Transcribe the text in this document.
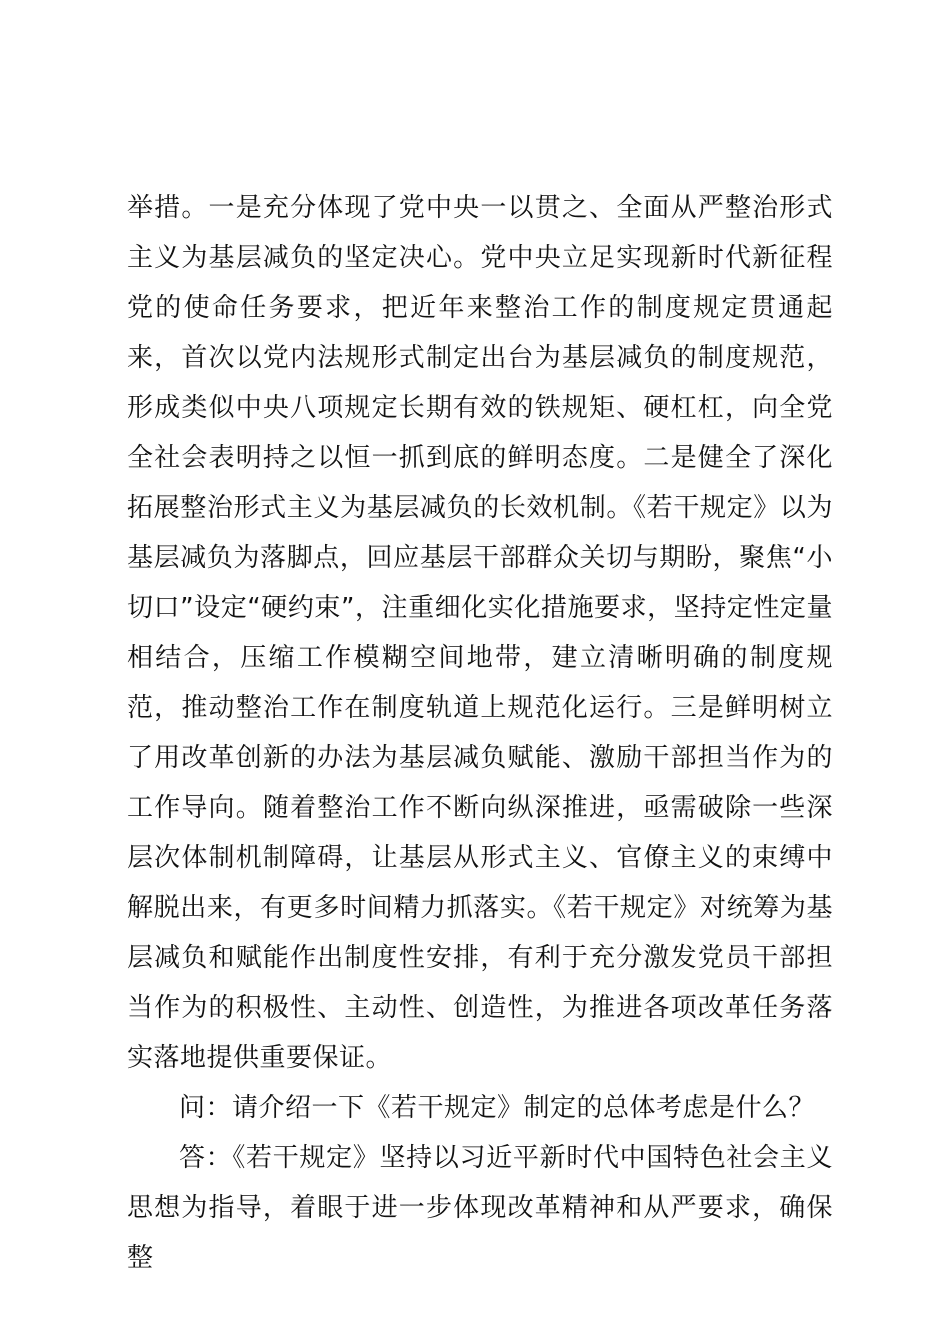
举措。一是充分体现了党中央一以贯之、全面从严整治形式主义为基层减负的坚定决心。党中央立足实现新时代新征程党的使命任务要求，把近年来整治工作的制度规定贯通起来，首次以党内法规形式制定出台为基层减负的制度规范，形成类似中央八项规定长期有效的铁规矩、硬杠杠，向全党全社会表明持之以恒一抓到底的鲜明态度。二是健全了深化拓展整治形式主义为基层减负的长效机制。《若干规定》以为基层减负为落脚点，回应基层干部群众关切与期盼，聚焦“小切口”设定“硬约束”，注重细化实化措施要求，坚持定性定量相结合，压缩工作模糊空间地带，建立清晰明确的制度规范，推动整治工作在制度轨道上规范化运行。三是鲜明树立了用改革创新的办法为基层减负赋能、激励干部担当作为的工作导向。随着整治工作不断向纵深推进，亟需破除一些深层次体制机制障碍，让基层从形式主义、官僚主义的束缚中解脱出来，有更多时间精力抓落实。《若干规定》对统筹为基层减负和赋能作出制度性安排，有利于充分激发党员干部担当作为的积极性、主动性、创造性，为推进各项改革任务落实落地提供重要保证。

问：请介绍一下《若干规定》制定的总体考虑是什么？

答：《若干规定》坚持以习近平新时代中国特色社会主义思想为指导，着眼于进一步体现改革精神和从严要求，确保整
